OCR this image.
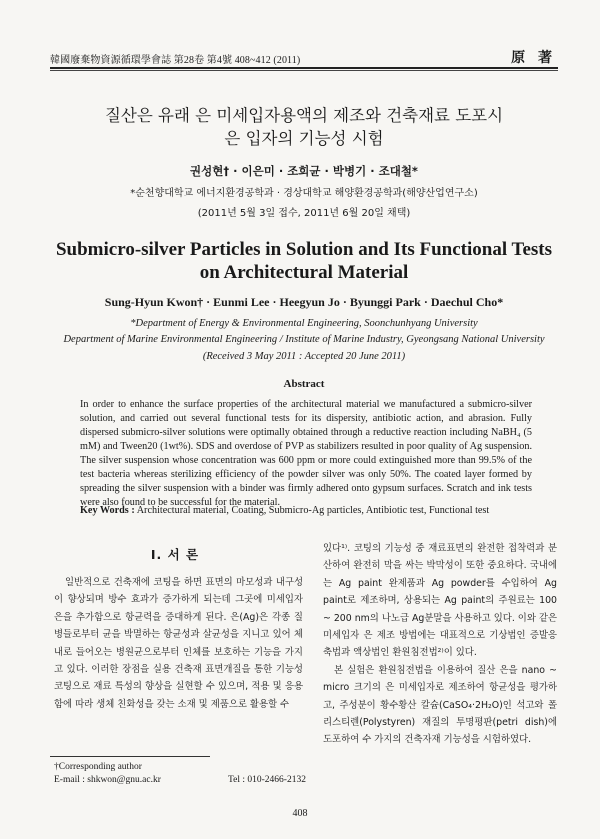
韓國廢棄物資源循環學會誌 第28卷 第4號 408~412 (2011)	原 著
질산은 유래 은 미세입자용액의 제조와 건축재료 도포시
은 입자의 기능성 시험
권성현† · 이은미 · 조희균 · 박병기 · 조대철*
*순천향대학교 에너지환경공학과 · 경상대학교 해양환경공학과(해양산업연구소)
(2011년 5월 3일 접수, 2011년 6월 20일 채택)
Submicro-silver Particles in Solution and Its Functional Tests
on Architectural Material
Sung-Hyun Kwon† · Eunmi Lee · Heegyun Jo · Byunggi Park · Daechul Cho*
*Department of Energy & Environmental Engineering, Soonchunhyang University
Department of Marine Environmental Engineering / Institute of Marine Industry, Gyeongsang National University
(Received 3 May 2011 : Accepted 20 June 2011)
Abstract
In order to enhance the surface properties of the architectural material we manufactured a submicro-silver solution, and carried out several functional tests for its dispersity, antibiotic action, and abrasion. Fully dispersed submicro-silver solutions were optimally obtained through a reductive reaction including NaBH₄ (5 mM) and Tween20 (1wt%). SDS and overdose of PVP as stabilizers resulted in poor quality of Ag suspension. The silver suspension whose concentration was 600 ppm or more could extinguished more than 99.5% of the test bacteria whereas sterilizing efficiency of the powder silver was only 50%. The coated layer formed by spreading the silver suspension with a binder was firmly adhered onto gypsum surfaces. Scratch and ink tests were also found to be successful for the material.
Key Words : Architectural material, Coating, Submicro-Ag particles, Antibiotic test, Functional test
I. 서 론

일반적으로 건축재에 코팅을 하면 표면의 마모성과 내구성이 향상되며 방수 효과가 증가하게 되는데 그곳에 미세입자 은을 추가함으로 항균력을 증대하게 된다. 은(Ag)은 각종 질병들로부터 균을 박멸하는 항균성과 살균성을 지니고 있어 체내로 들어오는 병원균으로부터 인체를 보호하는 기능을 가지고 있다. 이러한 장점을 실용 건축재 표면개질을 통한 기능성 코팅으로 재료 특성의 향상을 실현할 수 있으며, 적용 및 응용함에 따라 생체 친화성을 갖는 소재 및 제품으로 활용할 수

있다¹⁾. 코팅의 기능성 중 재료표면의 완전한 접착력과 분산하여 완전히 막을 싸는 박막성이 또한 중요하다. 국내에는 Ag paint 완제품과 Ag powder를 수입하여 Ag paint로 제조하며, 상용되는 Ag paint의 주원료는 100 ~ 200 nm의 나노급 Ag분말을 사용하고 있다. 이와 같은 미세입자 은 제조 방법에는 대표적으로 기상법인 증발응축법과 액상법인 환원침전법²⁾이 있다.

본 실험은 환원침전법을 이용하여 질산 은을 nano ~ micro 크기의 은 미세입자로 제조하여 항균성을 평가하고, 주성분이 황수황산 칼슘(CaSO₄·2H₂O)인 석고와 폴리스티렌(Polystyren) 재질의 투명평판(petri dish)에 도포하여 수 가지의 건축자재 기능성을 시험하였다.

†Corresponding author
E-mail : shkwon@gnu.ac.kr	Tel : 010-2466-2132
408
